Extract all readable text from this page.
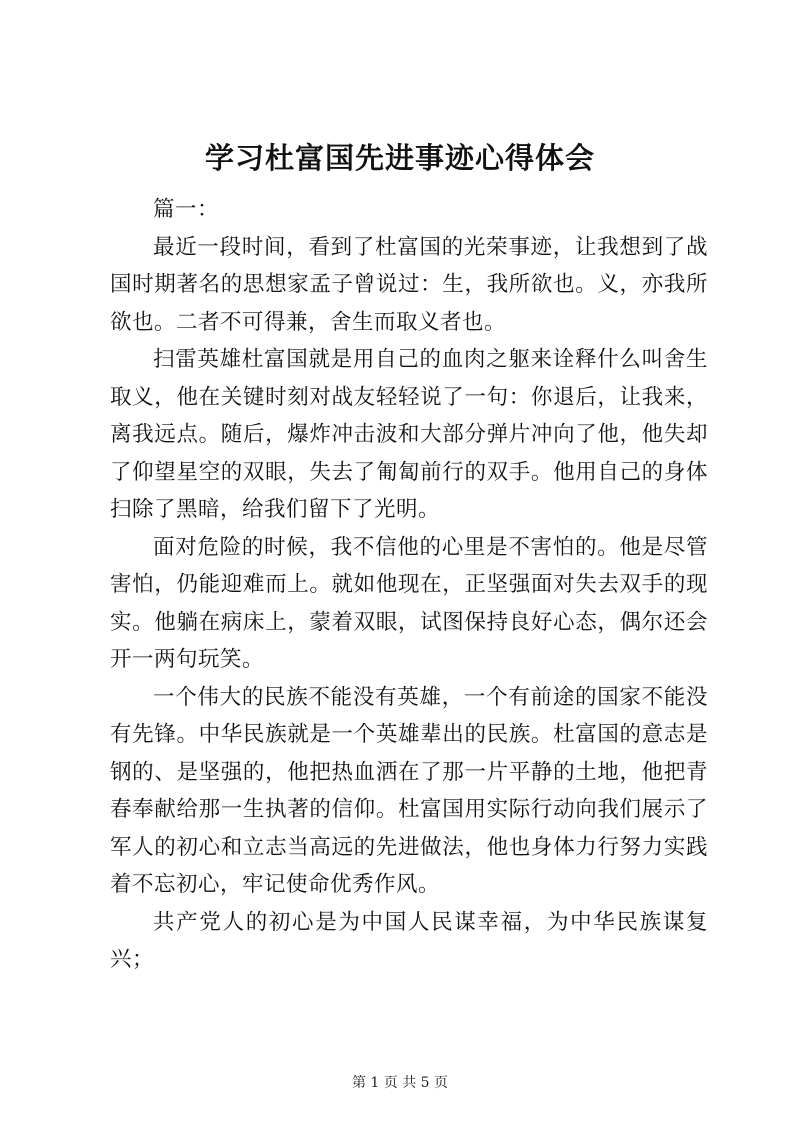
学习杜富国先进事迹心得体会

篇一：

最近一段时间，看到了杜富国的光荣事迹，让我想到了战国时期著名的思想家孟子曾说过：生，我所欲也。义，亦我所欲也。二者不可得兼，舍生而取义者也。

扫雷英雄杜富国就是用自己的血肉之躯来诠释什么叫舍生取义，他在关键时刻对战友轻轻说了一句：你退后，让我来，离我远点。随后，爆炸冲击波和大部分弹片冲向了他，他失却了仰望星空的双眼，失去了匍匐前行的双手。他用自己的身体扫除了黑暗，给我们留下了光明。

面对危险的时候，我不信他的心里是不害怕的。他是尽管害怕，仍能迎难而上。就如他现在，正坚强面对失去双手的现实。他躺在病床上，蒙着双眼，试图保持良好心态，偶尔还会开一两句玩笑。

一个伟大的民族不能没有英雄，一个有前途的国家不能没有先锋。中华民族就是一个英雄辈出的民族。杜富国的意志是钢的、是坚强的，他把热血洒在了那一片平静的土地，他把青春奉献给那一生执著的信仰。杜富国用实际行动向我们展示了军人的初心和立志当高远的先进做法，他也身体力行努力实践着不忘初心，牢记使命优秀作风。

共产党人的初心是为中国人民谋幸福，为中华民族谋复兴；

第 1 页 共 5 页
